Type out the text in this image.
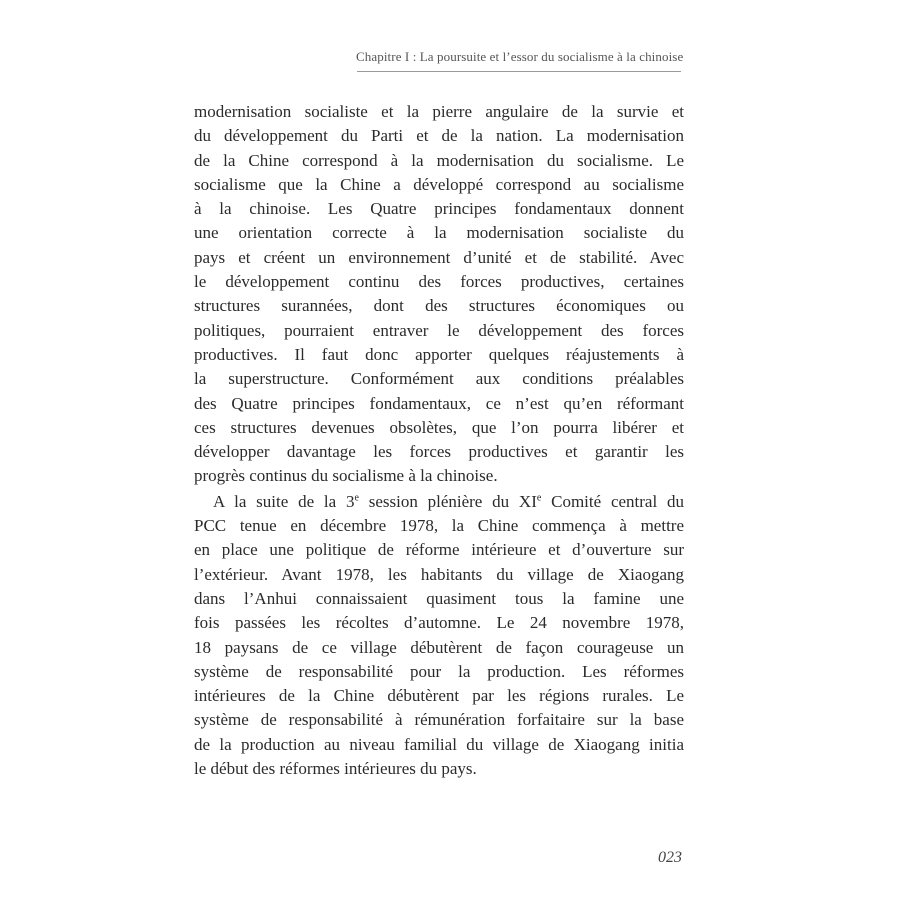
Chapitre I : La poursuite et l’essor du socialisme à la chinoise
modernisation socialiste et la pierre angulaire de la survie et
du développement du Parti et de la nation. La modernisation
de la Chine correspond à la modernisation du socialisme. Le
socialisme que la Chine a développé correspond au socialisme
à la chinoise. Les Quatre principes fondamentaux donnent
une orientation correcte à la modernisation socialiste du
pays et créent un environnement d’unité et de stabilité. Avec
le développement continu des forces productives, certaines
structures surannées, dont des structures économiques ou
politiques, pourraient entraver le développement des forces
productives. Il faut donc apporter quelques réajustements à
la superstructure. Conformément aux conditions préalables
des Quatre principes fondamentaux, ce n’est qu’en réformant
ces structures devenues obsolètes, que l’on pourra libérer et
développer davantage les forces productives et garantir les
progrès continus du socialisme à la chinoise.
A la suite de la 3e session plénière du XIe Comité central du
PCC tenue en décembre 1978, la Chine commença à mettre
en place une politique de réforme intérieure et d’ouverture sur
l’extérieur. Avant 1978, les habitants du village de Xiaogang
dans l’Anhui connaissaient quasiment tous la famine une
fois passées les récoltes d’automne. Le 24 novembre 1978,
18 paysans de ce village débutèrent de façon courageuse un
système de responsabilité pour la production. Les réformes
intérieures de la Chine débutèrent par les régions rurales. Le
système de responsabilité à rémunération forfaitaire sur la base
de la production au niveau familial du village de Xiaogang initia
le début des réformes intérieures du pays.
023
